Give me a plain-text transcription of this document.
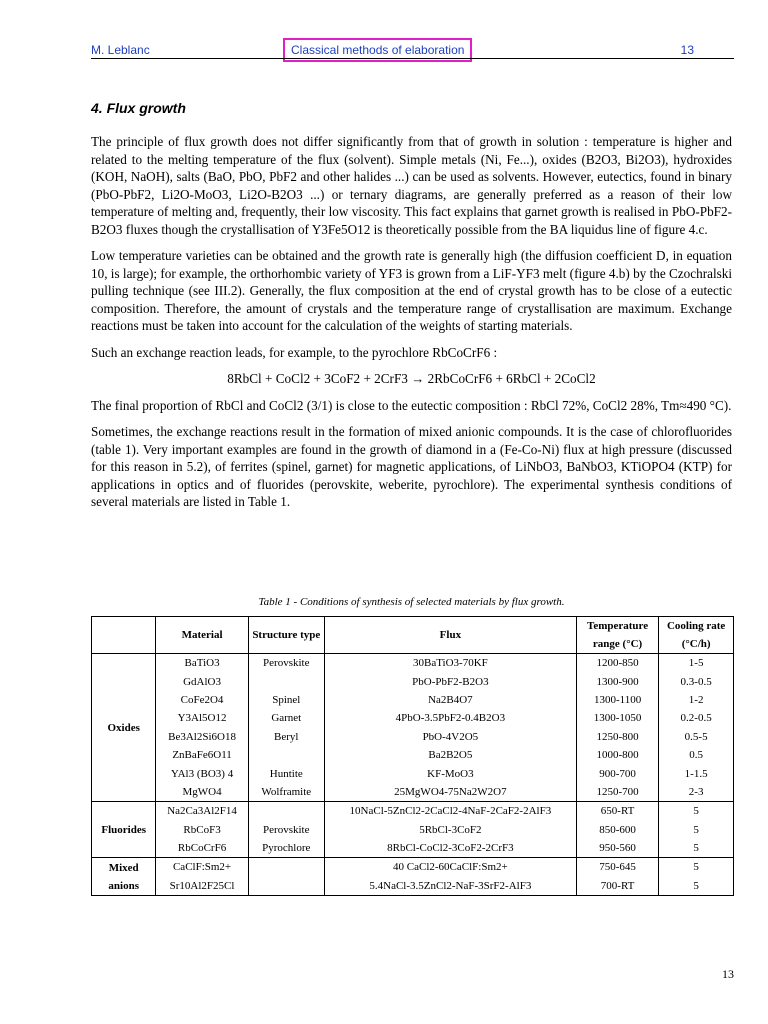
M. Leblanc	Classical methods of elaboration	13
4. Flux growth

The principle of flux growth does not differ significantly from that of growth in solution : temperature is higher and related to the melting temperature of the flux (solvent). Simple metals (Ni, Fe...), oxides (B2O3, Bi2O3), hydroxides (KOH, NaOH), salts (BaO, PbO, PbF2 and other halides ...) can be used as solvents. However, eutectics, found in binary (PbO-PbF2, Li2O-MoO3, Li2O-B2O3 ...) or ternary diagrams, are generally preferred as a reason of their low temperature of melting and, frequently, their low viscosity. This fact explains that garnet growth is realised in PbO-PbF2-B2O3 fluxes though the crystallisation of Y3Fe5O12 is theoretically possible from the BA liquidus line of figure 4.c.

Low temperature varieties can be obtained and the growth rate is generally high (the diffusion coefficient D, in equation 10, is large); for example, the orthorhombic variety of YF3 is grown from a LiF-YF3 melt (figure 4.b) by the Czochralski pulling technique (see III.2). Generally, the flux composition at the end of crystal growth has to be close of a eutectic composition. Therefore, the amount of crystals and the temperature range of crystallisation are maximum. Exchange reactions must be taken into account for the calculation of the weights of starting materials.

Such an exchange reaction leads, for example, to the pyrochlore RbCoCrF6 :

8RbCl + CoCl2 + 3CoF2 + 2CrF3 → 2RbCoCrF6 + 6RbCl + 2CoCl2

The final proportion of RbCl and CoCl2 (3/1) is close to the eutectic composition : RbCl 72%, CoCl2 28%, Tm≈490 °C).

Sometimes, the exchange reactions result in the formation of mixed anionic compounds. It is the case of chlorofluorides (table 1). Very important examples are found in the growth of diamond in a (Fe-Co-Ni) flux at high pressure (discussed for this reason in 5.2), of ferrites (spinel, garnet) for magnetic applications, of LiNbO3, BaNbO3, KTiOPO4 (KTP) for applications in optics and of fluorides (perovskite, weberite, pyrochlore). The experimental synthesis conditions of several materials are listed in Table 1.

Table 1 - Conditions of synthesis of selected materials by flux growth.
	Material	Structure type	Flux	Temperature range (°C)	Cooling rate (°C/h)
Oxides	BaTiO3	Perovskite	30BaTiO3-70KF	1200-850	1-5
	GdAlO3		PbO-PbF2-B2O3	1300-900	0.3-0.5
	CoFe2O4	Spinel	Na2B4O7	1300-1100	1-2
	Y3Al5O12	Garnet	4PbO-3.5PbF2-0.4B2O3	1300-1050	0.2-0.5
	Be3Al2Si6O18	Beryl	PbO-4V2O5	1250-800	0.5-5
	ZnBaFe6O11		Ba2B2O5	1000-800	0.5
	YAl3 (BO3) 4	Huntite	KF-MoO3	900-700	1-1.5
	MgWO4	Wolframite	25MgWO4-75Na2W2O7	1250-700	2-3
Fluorides	Na2Ca3Al2F14		10NaCl-5ZnCl2-2CaCl2-4NaF-2CaF2-2AlF3	650-RT	5
	RbCoF3	Perovskite	5RbCl-3CoF2	850-600	5
	RbCoCrF6	Pyrochlore	8RbCl-CoCl2-3CoF2-2CrF3	950-560	5
Mixed anions	CaClF:Sm2+		40 CaCl2-60CaClF:Sm2+	750-645	5
	Sr10Al2F25Cl		5.4NaCl-3.5ZnCl2-NaF-3SrF2-AlF3	700-RT	5
13
